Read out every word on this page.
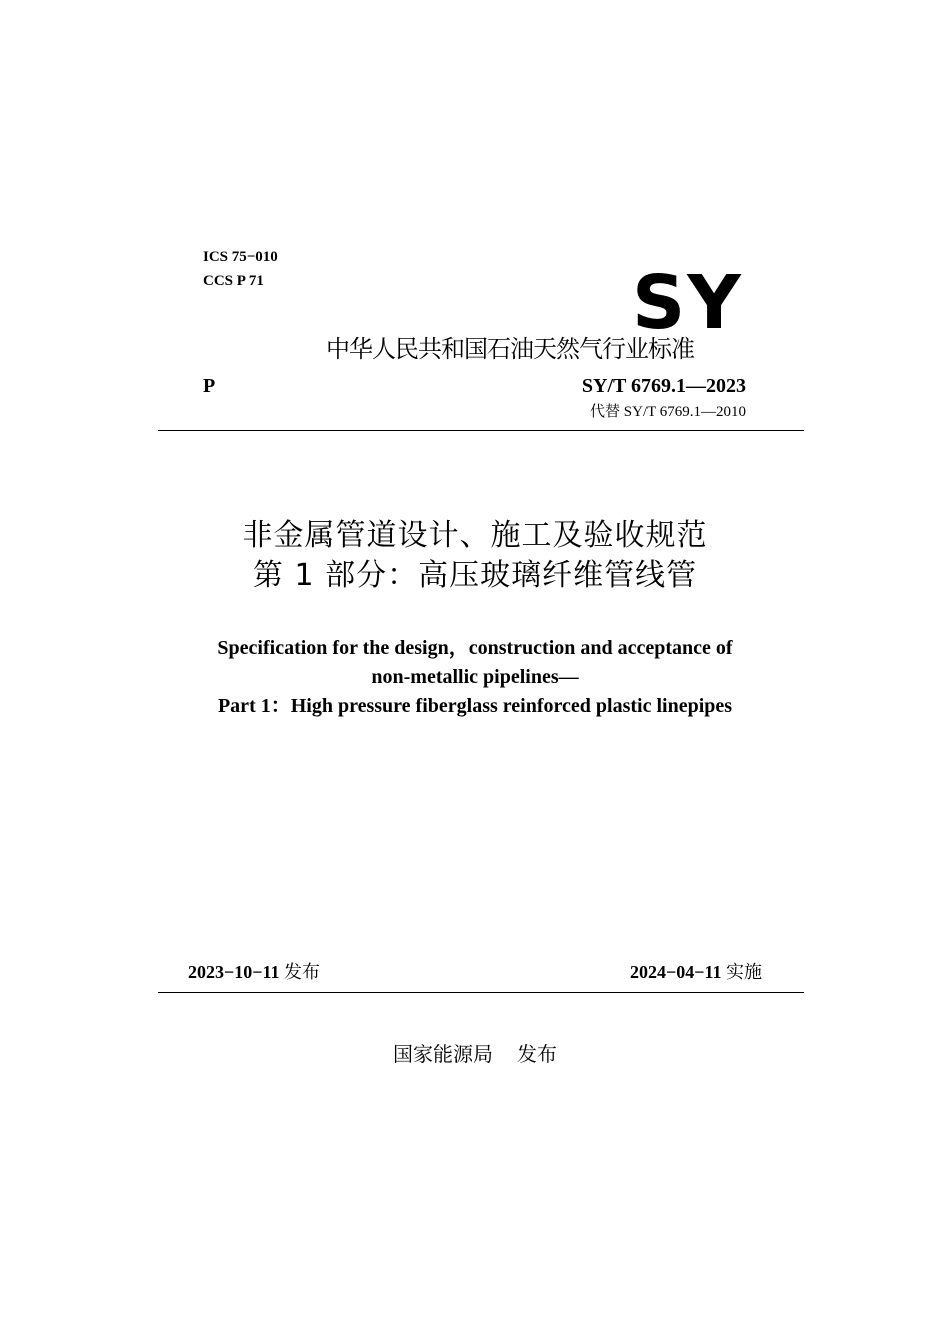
ICS 75−010
CCS P 71	SY
中华人民共和国石油天然气行业标准
P	SY/T 6769.1—2023
代替 SY/T 6769.1—2010
非金属管道设计、施工及验收规范
第 1 部分：高压玻璃纤维管线管
Specification for the design，construction and acceptance of
non-metallic pipelines—
Part 1：High pressure fiberglass reinforced plastic linepipes
2023−10−11 发布	2024−04−11 实施
国家能源局 发布
